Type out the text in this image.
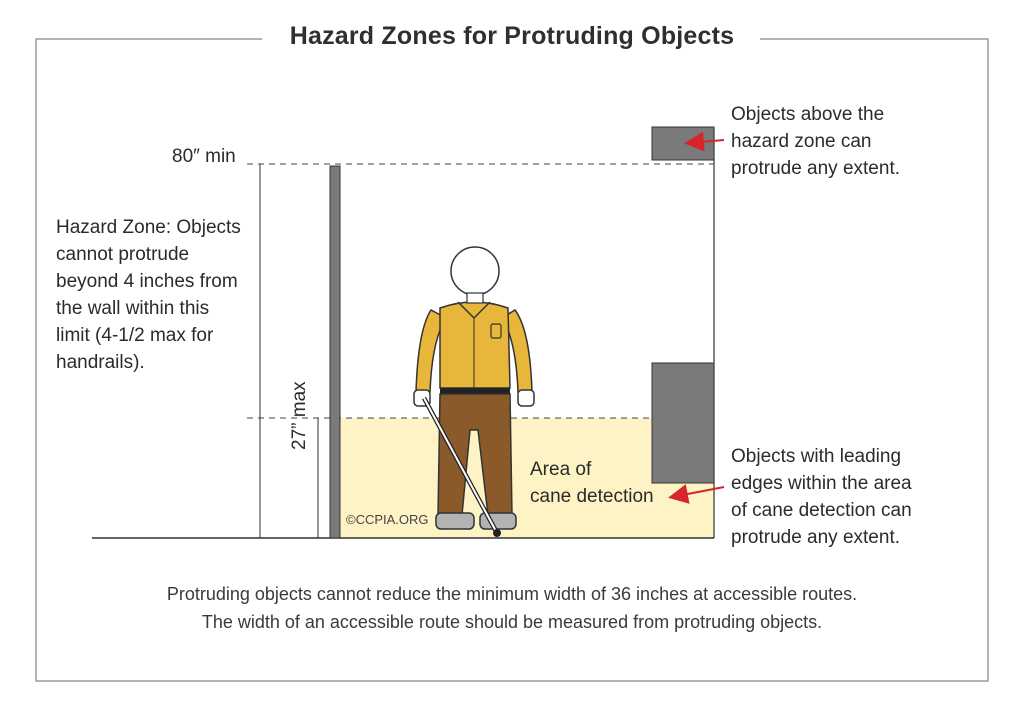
Hazard Zones for Protruding Objects
80″ min
27” max
Objects above the
hazard zone can
protrude any extent.
Hazard Zone: Objects
cannot protrude
beyond 4 inches from
the wall within this
limit (4-1/2 max for
handrails).
Objects with leading
edges within the area
of cane detection can
protrude any extent.
Area of
cane detection
©CCPIA.ORG
Protruding objects cannot reduce the minimum width of 36 inches at accessible routes.
The width of an accessible route should be measured from protruding objects.
